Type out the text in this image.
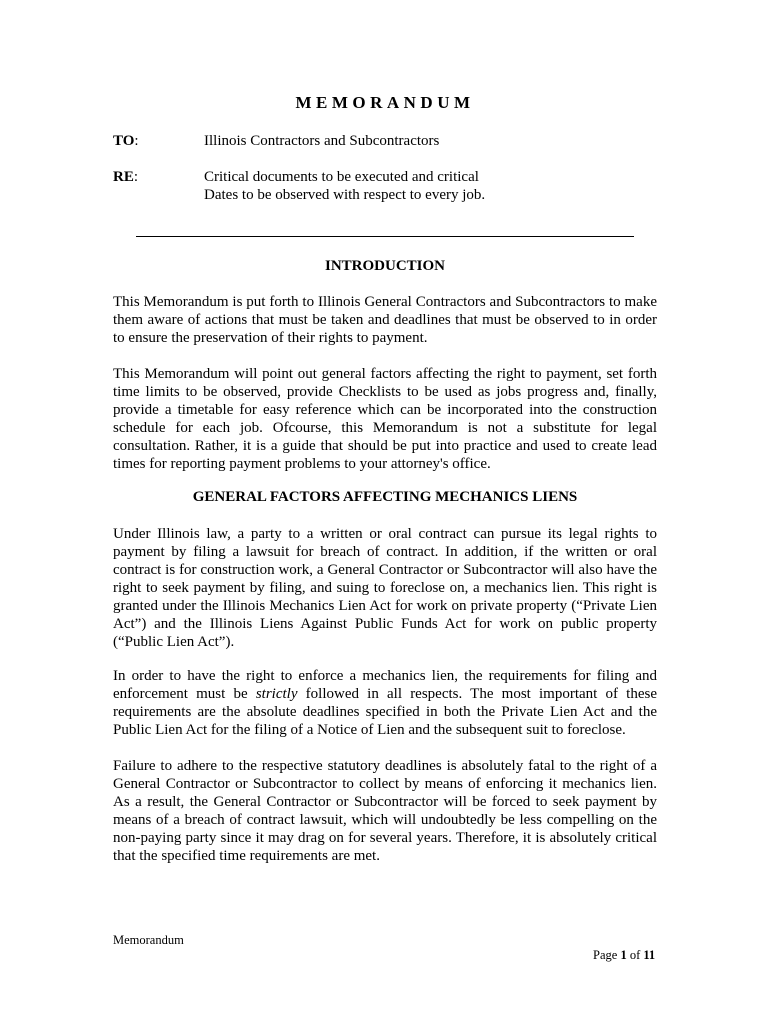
MEMORANDUM
TO:	Illinois Contractors and Subcontractors
RE:	Critical documents to be executed and critical
Dates to be observed with respect to every job.
INTRODUCTION

This Memorandum is put forth to Illinois General Contractors and Subcontractors to make them aware of actions that must be taken and deadlines that must be observed to in order to ensure the preservation of their rights to payment.

This Memorandum will point out general factors affecting the right to payment, set forth time limits to be observed, provide Checklists to be used as jobs progress and, finally, provide a timetable for easy reference which can be incorporated into the construction schedule for each job. Ofcourse, this Memorandum is not a substitute for legal consultation. Rather, it is a guide that should be put into practice and used to create lead times for reporting payment problems to your attorney's office.

GENERAL FACTORS AFFECTING MECHANICS LIENS

Under Illinois law, a party to a written or oral contract can pursue its legal rights to payment by filing a lawsuit for breach of contract. In addition, if the written or oral contract is for construction work, a General Contractor or Subcontractor will also have the right to seek payment by filing, and suing to foreclose on, a mechanics lien. This right is granted under the Illinois Mechanics Lien Act for work on private property (“Private Lien Act”) and the Illinois Liens Against Public Funds Act for work on public property (“Public Lien Act”).

In order to have the right to enforce a mechanics lien, the requirements for filing and enforcement must be strictly followed in all respects. The most important of these requirements are the absolute deadlines specified in both the Private Lien Act and the Public Lien Act for the filing of a Notice of Lien and the subsequent suit to foreclose.

Failure to adhere to the respective statutory deadlines is absolutely fatal to the right of a General Contractor or Subcontractor to collect by means of enforcing it mechanics lien. As a result, the General Contractor or Subcontractor will be forced to seek payment by means of a breach of contract lawsuit, which will undoubtedly be less compelling on the non-paying party since it may drag on for several years. Therefore, it is absolutely critical that the specified time requirements are met.

Memorandum
Page 1 of 11
